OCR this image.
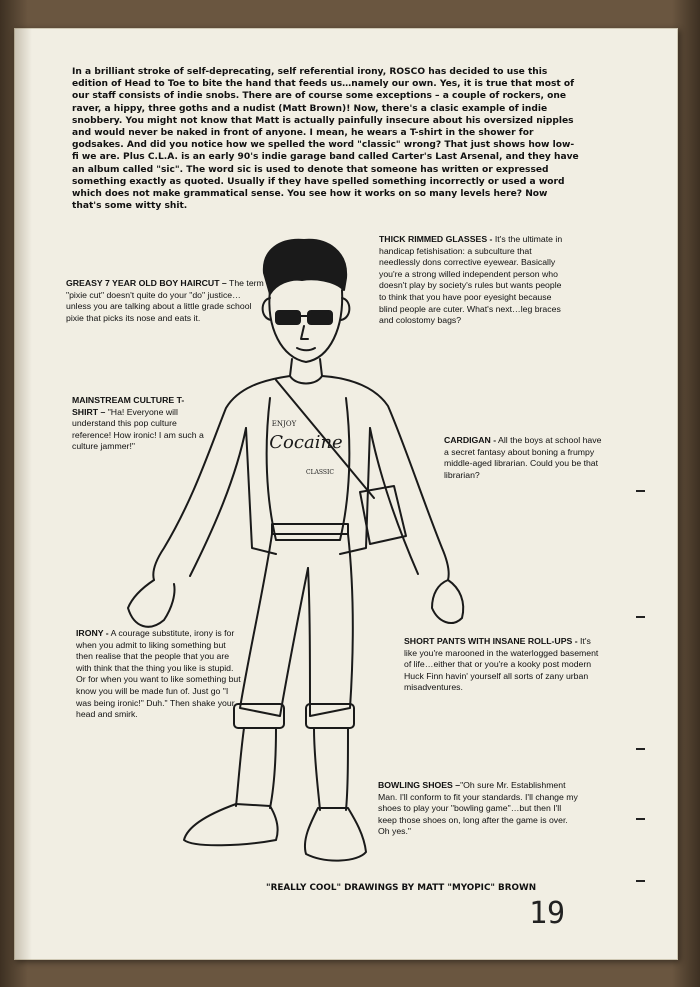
In a brilliant stroke of self-deprecating, self referential irony, ROSCO has decided to use this edition of Head to Toe to bite the hand that feeds us…namely our own. Yes, it is true that most of our staff consists of indie snobs. There are of course some exceptions – a couple of rockers, one raver, a hippy, three goths and a nudist (Matt Brown)! Now, there's a clasic example of indie snobbery. You might not know that Matt is actually painfully insecure about his oversized nipples and would never be naked in front of anyone. I mean, he wears a T-shirt in the shower for godsakes. And did you notice how we spelled the word "classic" wrong? That just shows how low-fi we are. Plus C.L.A. is an early 90's indie garage band called Carter's Last Arsenal, and they have an album called "sic". The word sic is used to denote that someone has written or expressed something exactly as quoted. Usually if they have spelled something incorrectly or used a word which does not make grammatical sense. You see how it works on so many levels here? Now that's some witty shit.

THICK RIMMED GLASSES - It's the ultimate in handicap fetishisation: a subculture that needlessly dons corrective eyewear. Basically you're a strong willed independent person who doesn't play by society's rules but wants people to think that you have poor eyesight because blind people are cuter. What's next…leg braces and colostomy bags?

GREASY 7 YEAR OLD BOY HAIRCUT – The term "pixie cut" doesn't quite do your "do" justice…unless you are talking about a little grade school pixie that picks its nose and eats it.

MAINSTREAM CULTURE T-SHIRT – "Ha! Everyone will understand this pop culture reference! How ironic! I am such a culture jammer!"

CARDIGAN - All the boys at school have a secret fantasy about boning a frumpy middle-aged librarian. Could you be that librarian?

IRONY - A courage substitute, irony is for when you admit to liking something but then realise that the people that you are with think that the thing you like is stupid. Or for when you want to like something but know you will be made fun of. Just go "I was being ironic!" Duh." Then shake your head and smirk.

SHORT PANTS WITH INSANE ROLL-UPS - It's like you're marooned in the waterlogged basement of life…either that or you're a kooky post modern Huck Finn havin' yourself all sorts of zany urban misadventures.

BOWLING SHOES –"Oh sure Mr. Establishment Man. I'll conform to fit your standards. I'll change my shoes to play your "bowling game"…but then I'll keep those shoes on, long after the game is over. Oh yes."

ENJOY
Cocaine
CLASSIC

"REALLY COOL" DRAWINGS BY MATT "MYOPIC" BROWN

19
